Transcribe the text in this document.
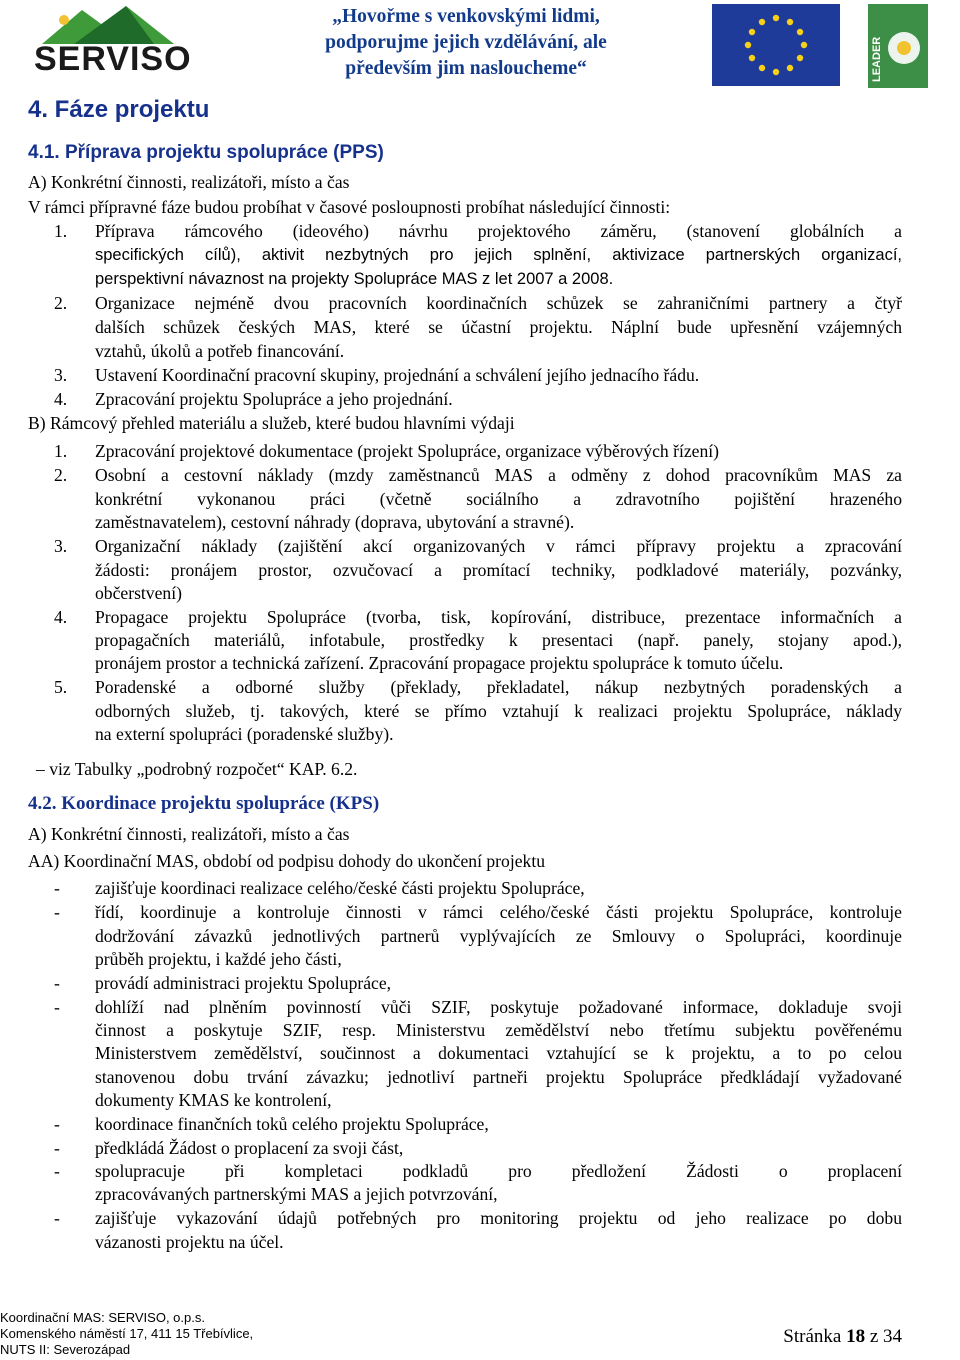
SERVISO
„Hovořme s venkovskými lidmi,
podporujme jejich vzdělávání, ale
především jim nasloucheme“	LEADER
4. Fáze projektu
4.1. Příprava projektu spolupráce (PPS)
A) Konkrétní činnosti, realizátoři, místo a čas
V rámci přípravné fáze budou probíhat v časové posloupnosti probíhat následující činnosti:
1. Příprava rámcového (ideového) návrhu projektového záměru, (stanovení globálních a
specifických cílů), aktivit nezbytných pro jejich splnění, aktivizace partnerských organizací,
perspektivní návaznost na projekty Spolupráce MAS z let 2007 a 2008.
2. Organizace nejméně dvou pracovních koordinačních schůzek se zahraničními partnery a čtyř
dalších schůzek českých MAS, které se účastní projektu. Náplní bude upřesnění vzájemných
vztahů, úkolů a potřeb financování.
3. Ustavení Koordinační pracovní skupiny, projednání a schválení jejího jednacího řádu.
4. Zpracování projektu Spolupráce a jeho projednání.
B) Rámcový přehled materiálu a služeb, které budou hlavními výdaji
1. Zpracování projektové dokumentace (projekt Spolupráce, organizace výběrových řízení)
2. Osobní a cestovní náklady (mzdy zaměstnanců MAS a odměny z dohod pracovníkům MAS za
konkrétní vykonanou práci (včetně sociálního a zdravotního pojištění hrazeného
zaměstnavatelem), cestovní náhrady (doprava, ubytování a stravné).
3. Organizační náklady (zajištění akcí organizovaných v rámci přípravy projektu a zpracování
žádosti: pronájem prostor, ozvučovací a promítací techniky, podkladové materiály, pozvánky,
občerstvení)
4. Propagace projektu Spolupráce (tvorba, tisk, kopírování, distribuce, prezentace informačních a
propagačních materiálů, infotabule, prostředky k presentaci (např. panely, stojany apod.),
pronájem prostor a technická zařízení. Zpracování propagace projektu spolupráce k tomuto účelu.
5. Poradenské a odborné služby (překlady, překladatel, nákup nezbytných poradenských a
odborných služeb, tj. takových, které se přímo vztahují k realizaci projektu Spolupráce, náklady
na externí spolupráci (poradenské služby).
– viz Tabulky „podrobný rozpočet“ KAP. 6.2.
4.2. Koordinace projektu spolupráce (KPS)
A) Konkrétní činnosti, realizátoři, místo a čas
AA) Koordinační MAS, období od podpisu dohody do ukončení projektu
- zajišťuje koordinaci realizace celého/české části projektu Spolupráce,
- řídí, koordinuje a kontroluje činnosti v rámci celého/české části projektu Spolupráce, kontroluje
dodržování závazků jednotlivých partnerů vyplývajících ze Smlouvy o Spolupráci, koordinuje
průběh projektu, i každé jeho části,
- provádí administraci projektu Spolupráce,
- dohlíží nad plněním povinností vůči SZIF, poskytuje požadované informace, dokladuje svoji
činnost a poskytuje SZIF, resp. Ministerstvu zemědělství nebo třetímu subjektu pověřenému
Ministerstvem zemědělství, součinnost a dokumentaci vztahující se k projektu, a to po celou
stanovenou dobu trvání závazku; jednotliví partneři projektu Spolupráce předkládají vyžadované
dokumenty KMAS ke kontrolení,
- koordinace finančních toků celého projektu Spolupráce,
- předkládá Žádost o proplacení za svoji část,
- spolupracuje při kompletaci podkladů pro předložení Žádosti o proplacení
zpracovávaných partnerskými MAS a jejich potvrzování,
- zajišťuje vykazování údajů potřebných pro monitoring projektu od jeho realizace po dobu
vázanosti projektu na účel.
Koordinační MAS: SERVISO, o.p.s.
Komenského náměstí 17, 411 15 Třebívlice,
NUTS II: Severozápad
Stránka 18 z 34
